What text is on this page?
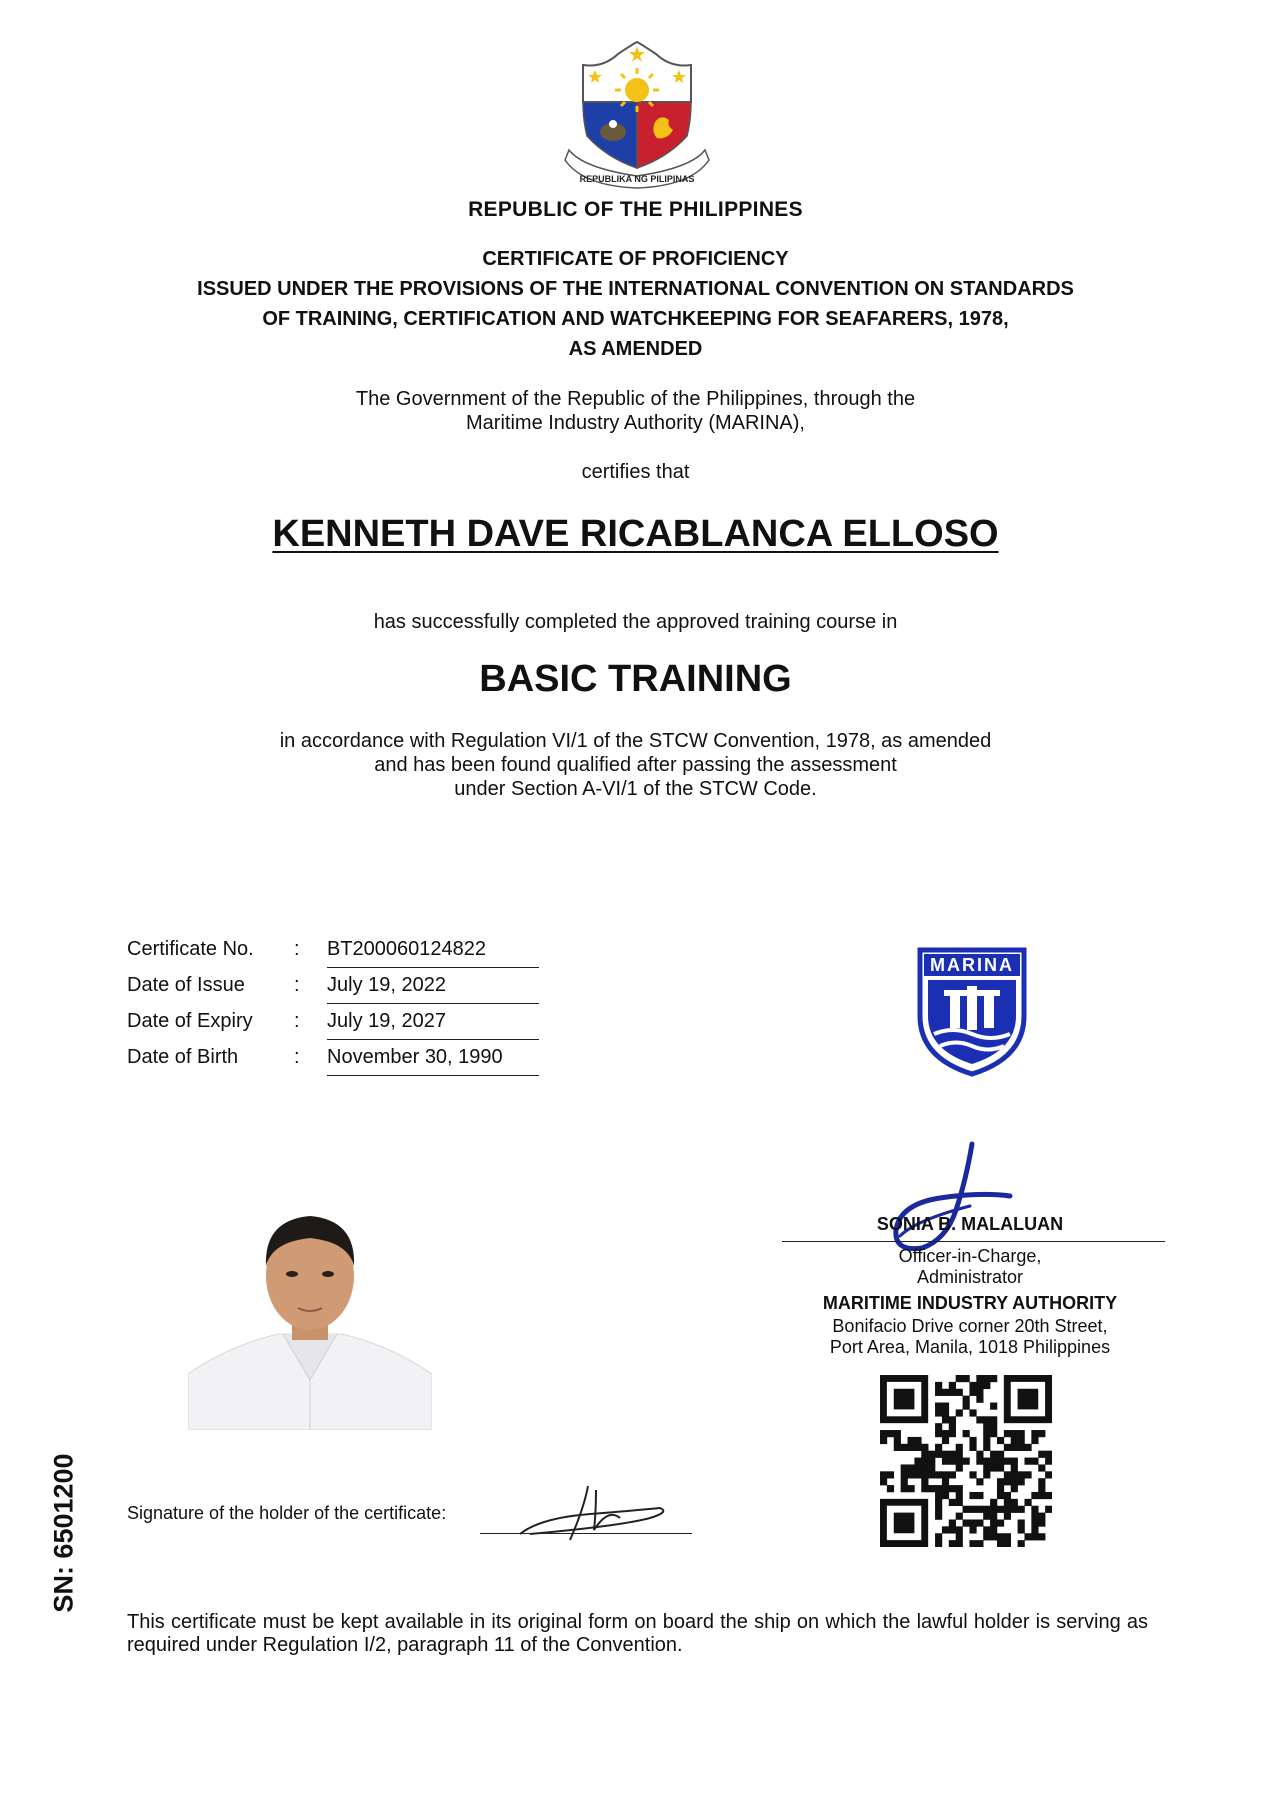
REPUBLIKA NG PILIPINAS
REPUBLIC OF THE PHILIPPINES
CERTIFICATE OF PROFICIENCY
ISSUED UNDER THE PROVISIONS OF THE INTERNATIONAL CONVENTION ON STANDARDS
OF TRAINING, CERTIFICATION AND WATCHKEEPING FOR SEAFARERS, 1978,
AS AMENDED
The Government of the Republic of the Philippines, through the
Maritime Industry Authority (MARINA),
certifies that
KENNETH DAVE RICABLANCA ELLOSO
has successfully completed the approved training course in
BASIC TRAINING
in accordance with Regulation VI/1 of the STCW Convention, 1978, as amended
and has been found qualified after passing the assessment
under Section A-VI/1 of the STCW Code.
Certificate No.	: BT200060124822
Date of Issue	: July 19, 2022
Date of Expiry	: July 19, 2027
Date of Birth	: November 30, 1990
MARINA
SONIA B. MALALUAN
Officer-in-Charge,
Administrator
MARITIME INDUSTRY AUTHORITY
Bonifacio Drive corner 20th Street,
Port Area, Manila, 1018 Philippines
Signature of the holder of the certificate:
SN: 6501200
This certificate must be kept available in its original form on board the ship on which the lawful holder is serving as required under Regulation I/2, paragraph 11 of the Convention.
